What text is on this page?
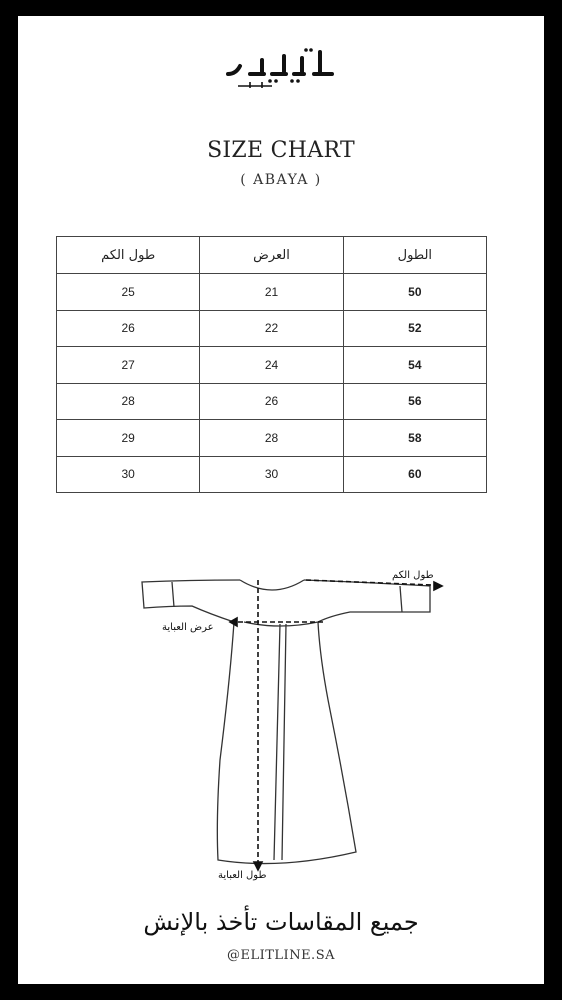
SIZE CHART
( ABAYA )
طول الكم	العرض	الطول
25	21	50
26	22	52
27	24	54
28	26	56
29	28	58
30	30	60
طول الكم
عرض العباية
طول العباية
جميع المقاسات تأخذ بالإنش
@ELITLINE.SA
